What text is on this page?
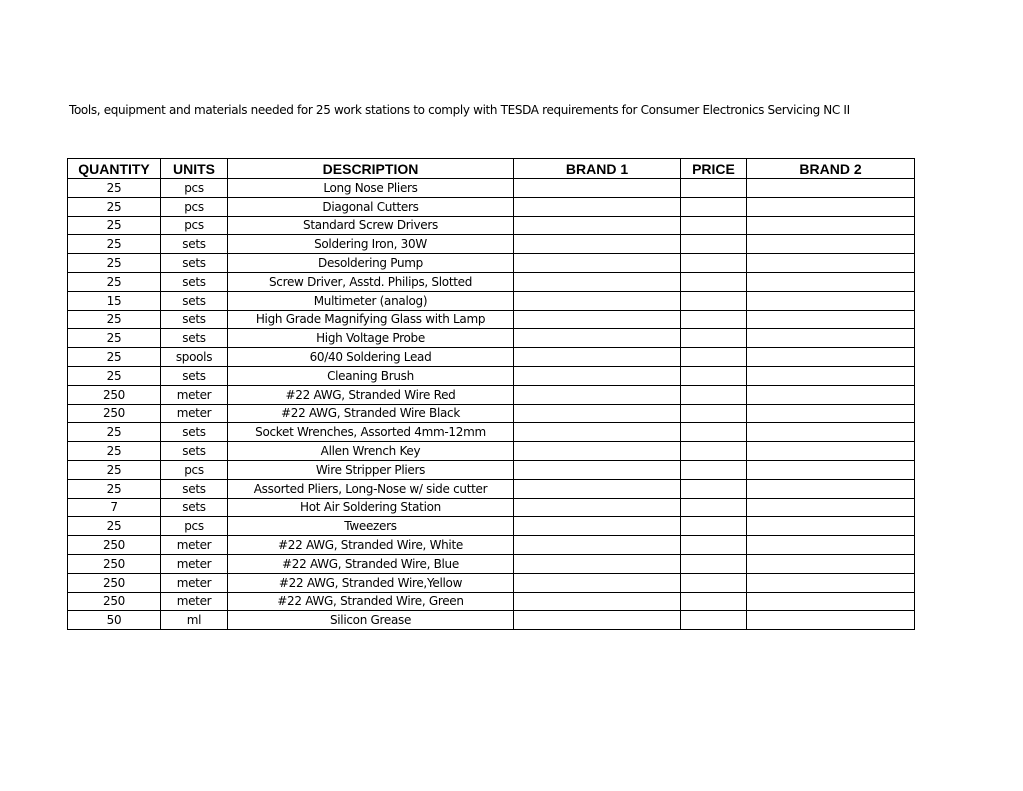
Tools, equipment and materials needed for 25 work stations to comply with TESDA requirements for Consumer Electronics Servicing NC II
QUANTITY	UNITS	DESCRIPTION	BRAND 1	PRICE	BRAND 2
25	pcs	Long Nose Pliers			
25	pcs	Diagonal Cutters			
25	pcs	Standard Screw Drivers			
25	sets	Soldering Iron, 30W			
25	sets	Desoldering Pump			
25	sets	Screw Driver, Asstd. Philips, Slotted			
15	sets	Multimeter (analog)			
25	sets	High Grade Magnifying Glass with Lamp			
25	sets	High Voltage Probe			
25	spools	60/40 Soldering Lead			
25	sets	Cleaning Brush			
250	meter	#22 AWG, Stranded Wire Red			
250	meter	#22 AWG, Stranded Wire Black			
25	sets	Socket Wrenches, Assorted 4mm-12mm			
25	sets	Allen Wrench Key			
25	pcs	Wire Stripper Pliers			
25	sets	Assorted Pliers, Long-Nose w/ side cutter			
7	sets	Hot Air Soldering Station			
25	pcs	Tweezers			
250	meter	#22 AWG, Stranded Wire, White			
250	meter	#22 AWG, Stranded Wire, Blue			
250	meter	#22 AWG, Stranded Wire,Yellow			
250	meter	#22 AWG, Stranded Wire, Green			
50	ml	Silicon Grease			
